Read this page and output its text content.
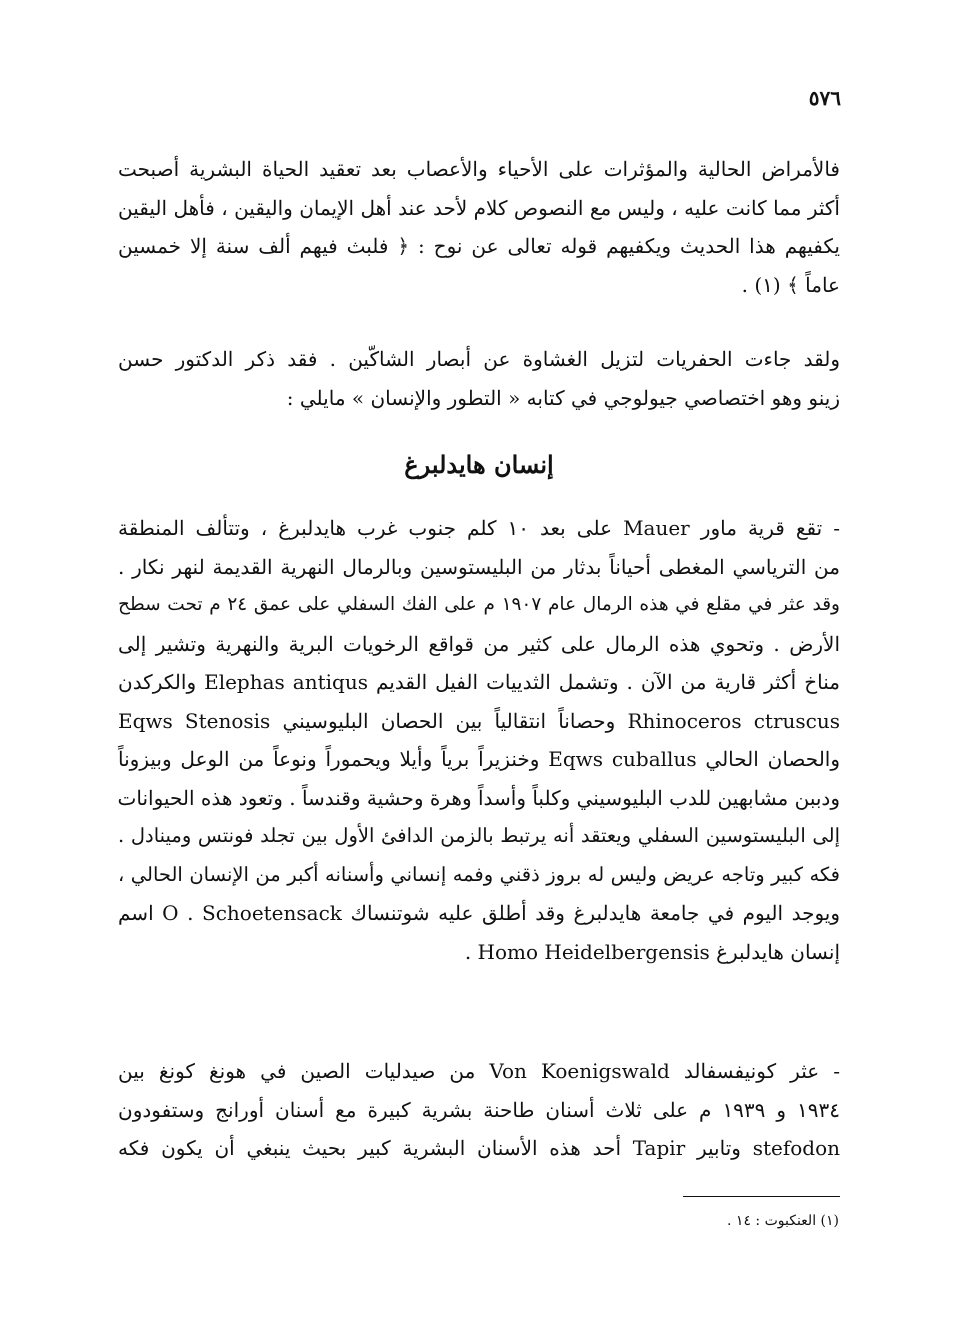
٥٧٦
فالأمراض الحالية والمؤثرات على الأحياء والأعصاب بعد تعقيد الحياة البشرية أصبحت
أكثر مما كانت عليه ، وليس مع النصوص كلام لأحد عند أهل الإيمان واليقين ، فأهل اليقين
يكفيهم هذا الحديث ويكفيهم قوله تعالى عن نوح : ﴿ فلبث فيهم ألف سنة إلا خمسين
عاماً ﴾ (١) .
ولقد جاءت الحفريات لتزيل الغشاوة عن أبصار الشاكّين . فقد ذكر الدكتور حسن
زينو وهو اختصاصي جيولوجي في كتابه « التطور والإنسان » مايلي :
إنسان هايدلبرغ
- تقع قرية ماور Mauer على بعد ١٠ كلم جنوب غرب هايدلبرغ ، وتتألف المنطقة
من الترياسي المغطى أحياناً بدثار من البليستوسين وبالرمال النهرية القديمة لنهر نكار .
وقد عثر في مقلع في هذه الرمال عام ١٩٠٧ م على الفك السفلي على عمق ٢٤ م تحت سطح
الأرض . وتحوي هذه الرمال على كثير من قواقع الرخويات البرية والنهرية وتشير إلى
مناخ أكثر قارية من الآن . وتشمل الثدييات الفيل القديم Elephas antiqus والكركدن
Rhinoceros ctruscus وحصاناً انتقالياً بين الحصان البليوسيني Eqws Stenosis
والحصان الحالي Eqws cuballus وخنزيراً برياً وأيلا ويحموراً ونوعاً من الوعل وبيزوناً
ودببن مشابهين للدب البليوسيني وكلباً وأسداً وهرة وحشية وقندساً . وتعود هذه الحيوانات
إلى البليستوسين السفلي ويعتقد أنه يرتبط بالزمن الدافئ الأول بين تجلد فونتس ومينادل .
فكه كبير وتاجه عريض وليس له بروز ذقني وفمه إنساني وأسنانه أكبر من الإنسان الحالي ،
ويوجد اليوم في جامعة هايدلبرغ وقد أطلق عليه شوتنساك O . Schoetensack اسم
إنسان هايدلبرغ Homo Heidelbergensis .
- عثر كونيفسفالد Von Koenigswald من صيدليات الصين في هونغ كونغ بين
١٩٣٤ و ١٩٣٩ م على ثلاث أسنان طاحنة بشرية كبيرة مع أسنان أورانج وستفودون
stefodon وتابير Tapir أحد هذه الأسنان البشرية كبير بحيث ينبغي أن يكون فكه
(١) العنكبوت : ١٤ .
